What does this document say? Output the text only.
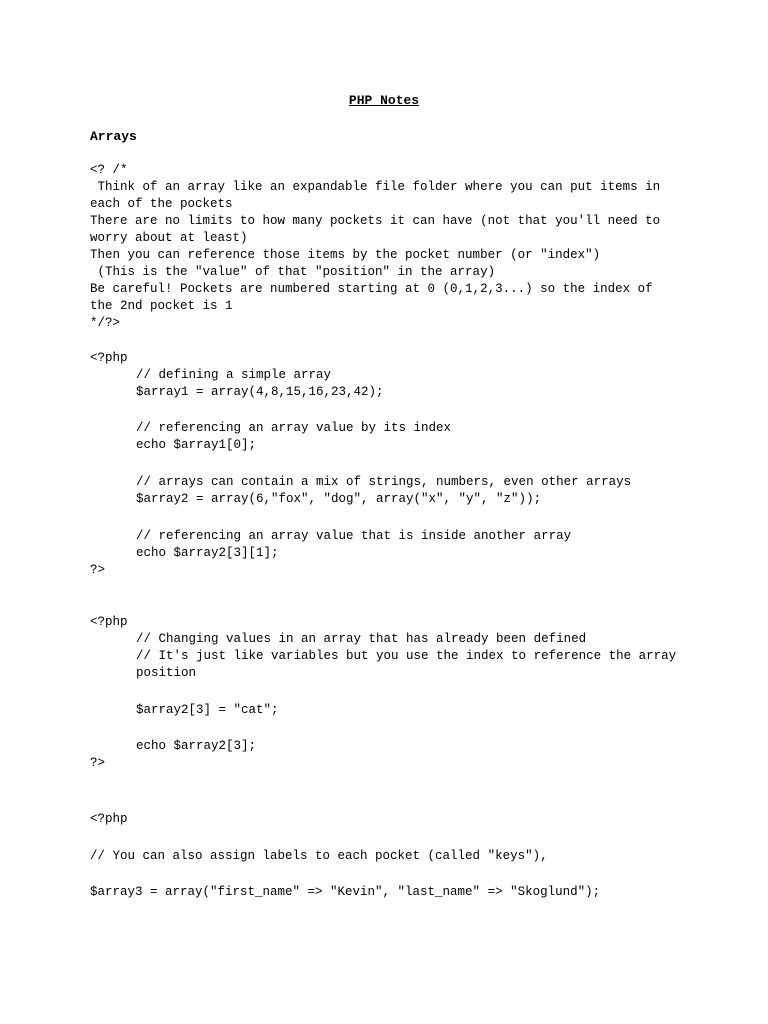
PHP Notes
Arrays
<? /*
Think of an array like an expandable file folder where you can put items in
each of the pockets
There are no limits to how many pockets it can have (not that you'll need to
worry about at least)
Then you can reference those items by the pocket number (or "index")
(This is the "value" of that "position" in the array)
Be careful! Pockets are numbered starting at 0 (0,1,2,3...) so the index of
the 2nd pocket is 1
*/?>
<?php
// defining a simple array
$array1 = array(4,8,15,16,23,42);
// referencing an array value by its index
echo $array1[0];
// arrays can contain a mix of strings, numbers, even other arrays
$array2 = array(6,"fox", "dog", array("x", "y", "z"));
// referencing an array value that is inside another array
echo $array2[3][1];
?>
<?php
// Changing values in an array that has already been defined
// It's just like variables but you use the index to reference the array
position
$array2[3] = "cat";
echo $array2[3];
?>
<?php
// You can also assign labels to each pocket (called "keys"),
$array3 = array("first_name" => "Kevin", "last_name" => "Skoglund");
